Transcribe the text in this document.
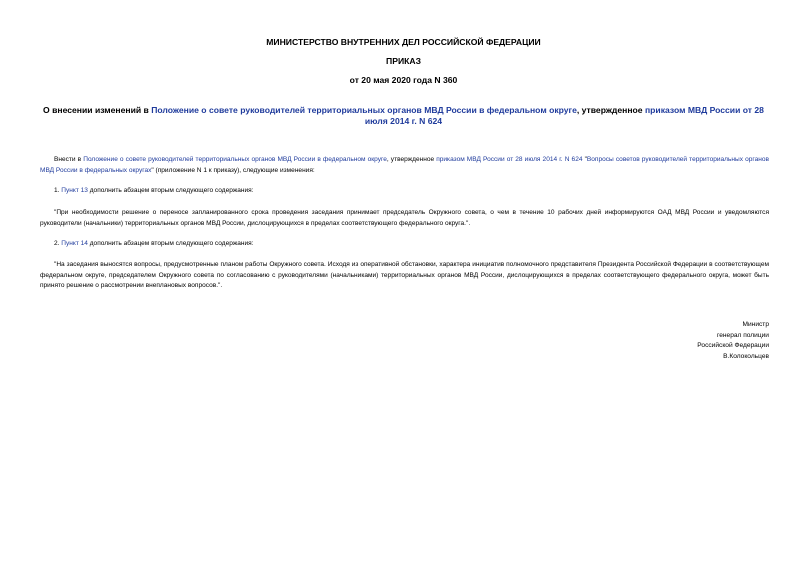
МИНИСТЕРСТВО ВНУТРЕННИХ ДЕЛ РОССИЙСКОЙ ФЕДЕРАЦИИ
ПРИКАЗ
от 20 мая 2020 года N 360
О внесении изменений в Положение о совете руководителей территориальных органов МВД России в федеральном округе, утвержденное приказом МВД России от 28 июля 2014 г. N 624
Внести в Положение о совете руководителей территориальных органов МВД России в федеральном округе, утвержденное приказом МВД России от 28 июля 2014 г. N 624 "Вопросы советов руководителей территориальных органов МВД России в федеральных округах" (приложение N 1 к приказу), следующие изменения:
1. Пункт 13 дополнить абзацем вторым следующего содержания:
"При необходимости решение о переносе запланированного срока проведения заседания принимает председатель Окружного совета, о чем в течение 10 рабочих дней информируются ОАД МВД России и уведомляются руководители (начальники) территориальных органов МВД России, дислоцирующихся в пределах соответствующего федерального округа.".
2. Пункт 14 дополнить абзацем вторым следующего содержания:
"На заседания выносятся вопросы, предусмотренные планом работы Окружного совета. Исходя из оперативной обстановки, характера инициатив полномочного представителя Президента Российской Федерации в соответствующем федеральном округе, председателем Окружного совета по согласованию с руководителями (начальниками) территориальных органов МВД России, дислоцирующихся в пределах соответствующего федерального округа, может быть принято решение о рассмотрении внеплановых вопросов.".
Министр
генерал полиции
Российской Федерации
В.Колокольцев
